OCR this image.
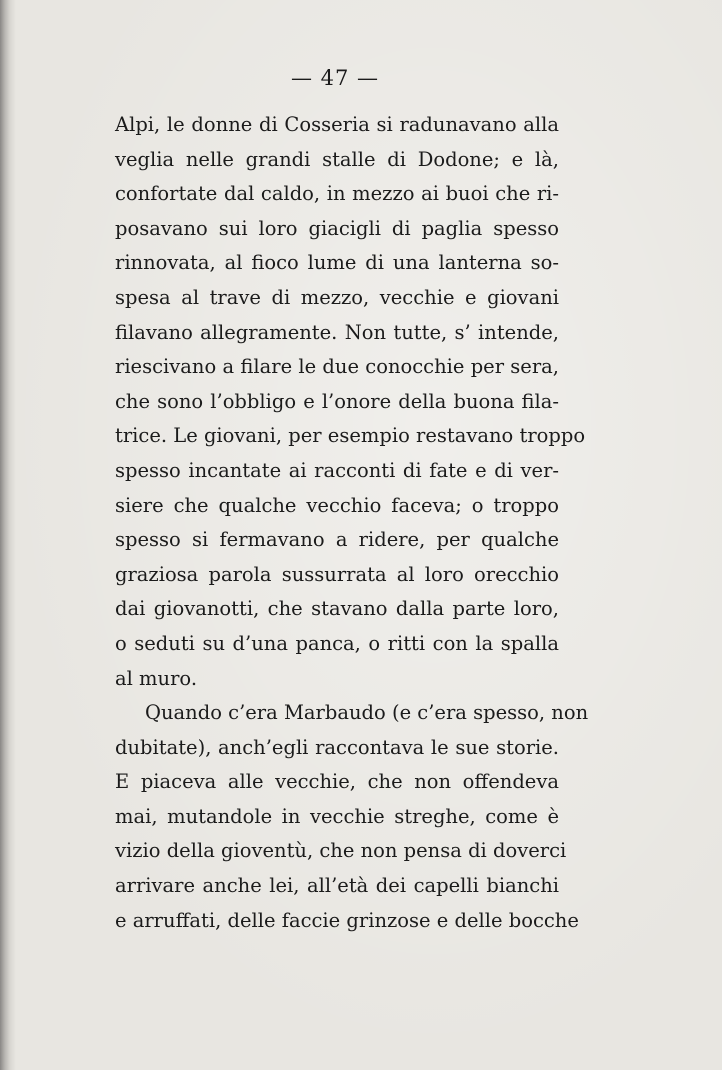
— 47 —
Alpi, le donne di Cosseria si radunavano alla
veglia nelle grandi stalle di Dodone; e là,
confortate dal caldo, in mezzo ai buoi che ri-
posavano sui loro giacigli di paglia spesso
rinnovata, al fioco lume di una lanterna so-
spesa al trave di mezzo, vecchie e giovani
filavano allegramente. Non tutte, s’ intende,
riescivano a filare le due conocchie per sera,
che sono l’obbligo e l’onore della buona fila-
trice. Le giovani, per esempio restavano troppo
spesso incantate ai racconti di fate e di ver-
siere che qualche vecchio faceva; o troppo
spesso si fermavano a ridere, per qualche
graziosa parola sussurrata al loro orecchio
dai giovanotti, che stavano dalla parte loro,
o seduti su d’una panca, o ritti con la spalla
al muro.
Quando c’era Marbaudo (e c’era spesso, non
dubitate), anch’egli raccontava le sue storie.
E piaceva alle vecchie, che non offendeva
mai, mutandole in vecchie streghe, come è
vizio della gioventù, che non pensa di doverci
arrivare anche lei, all’età dei capelli bianchi
e arruffati, delle faccie grinzose e delle bocche
